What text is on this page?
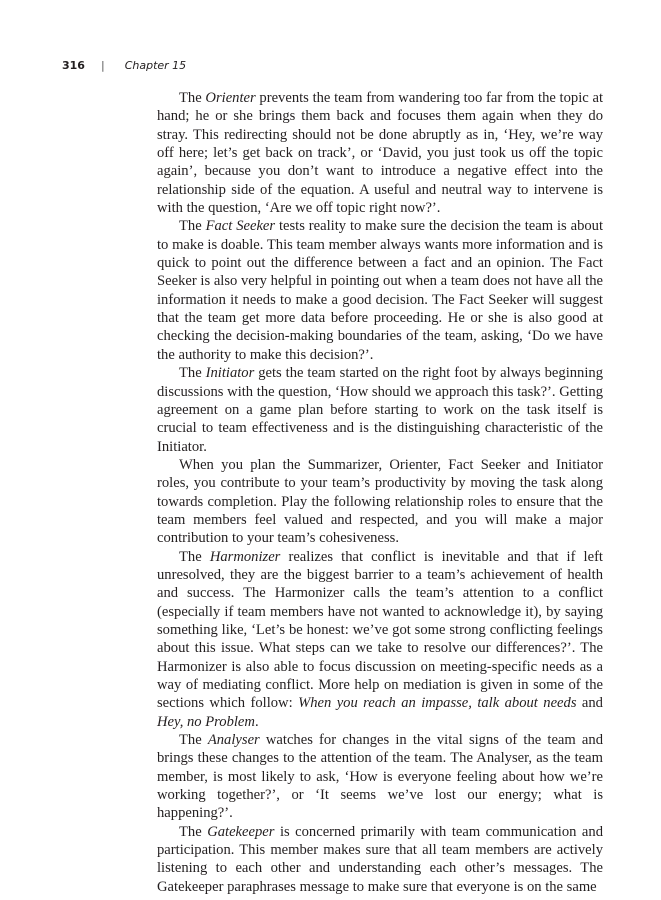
316 | Chapter 15

The Orienter prevents the team from wandering too far from the topic at hand; he or she brings them back and focuses them again when they do stray. This redirecting should not be done abruptly as in, ‘Hey, we’re way off here; let’s get back on track’, or ‘David, you just took us off the topic again’, because you don’t want to introduce a negative effect into the relationship side of the equation. A useful and neutral way to intervene is with the question, ‘Are we off topic right now?’.

The Fact Seeker tests reality to make sure the decision the team is about to make is doable. This team member always wants more information and is quick to point out the difference between a fact and an opinion. The Fact Seeker is also very helpful in pointing out when a team does not have all the information it needs to make a good decision. The Fact Seeker will suggest that the team get more data before proceeding. He or she is also good at checking the decision-making boundaries of the team, asking, ‘Do we have the authority to make this decision?’.

The Initiator gets the team started on the right foot by always beginning discussions with the question, ‘How should we approach this task?’. Getting agreement on a game plan before starting to work on the task itself is crucial to team effectiveness and is the distinguishing characteristic of the Initiator.

When you plan the Summarizer, Orienter, Fact Seeker and Initiator roles, you contribute to your team’s productivity by moving the task along towards completion. Play the following relationship roles to ensure that the team members feel valued and respected, and you will make a major contribution to your team’s cohesiveness.

The Harmonizer realizes that conflict is inevitable and that if left unresolved, they are the biggest barrier to a team’s achievement of health and success. The Harmonizer calls the team’s attention to a conflict (especially if team members have not wanted to acknowledge it), by saying something like, ‘Let’s be honest: we’ve got some strong conflicting feelings about this issue. What steps can we take to resolve our differences?’. The Harmonizer is also able to focus discussion on meeting-specific needs as a way of mediating conflict. More help on mediation is given in some of the sections which follow: When you reach an impasse, talk about needs and Hey, no Problem.

The Analyser watches for changes in the vital signs of the team and brings these changes to the attention of the team. The Analyser, as the team member, is most likely to ask, ‘How is everyone feeling about how we’re working together?’, or ‘It seems we’ve lost our energy; what is happening?’.

The Gatekeeper is concerned primarily with team communication and participation. This member makes sure that all team members are actively listening to each other and understanding each other’s messages. The Gatekeeper paraphrases message to make sure that everyone is on the same
